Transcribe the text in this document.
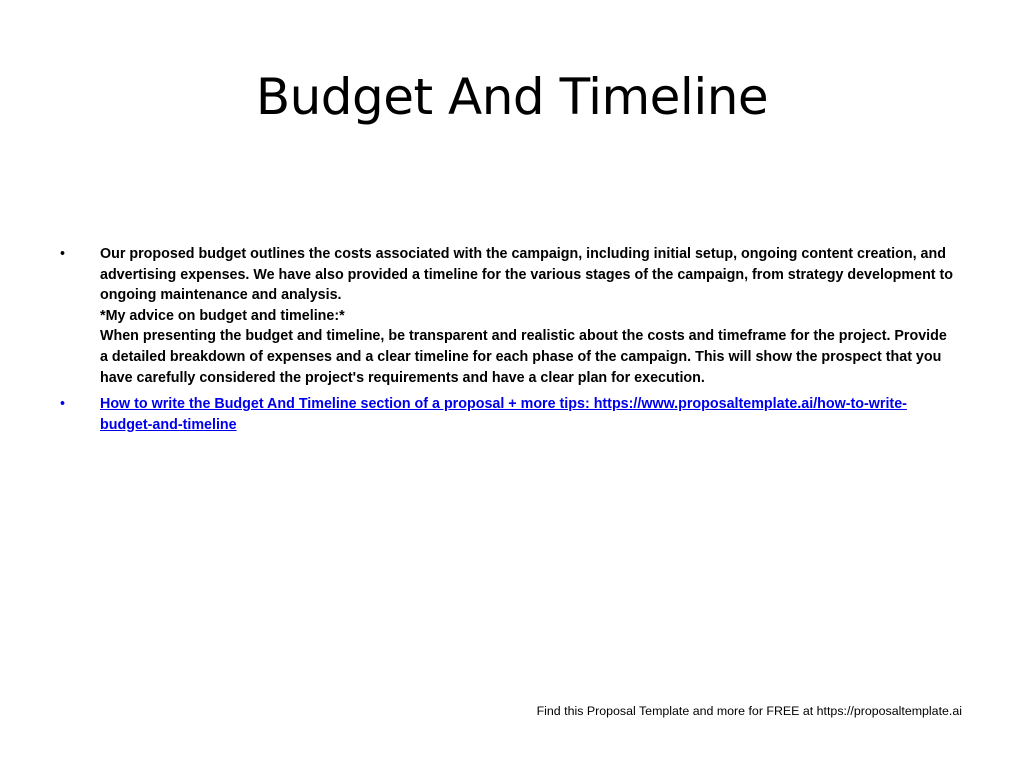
Budget And Timeline
•	Our proposed budget outlines the costs associated with the campaign, including initial setup, ongoing content creation, and advertising expenses. We have also provided a timeline for the various stages of the campaign, from strategy development to ongoing maintenance and analysis.
*My advice on budget and timeline:*
When presenting the budget and timeline, be transparent and realistic about the costs and timeframe for the project. Provide a detailed breakdown of expenses and a clear timeline for each phase of the campaign. This will show the prospect that you have carefully considered the project's requirements and have a clear plan for execution.
•	How to write the Budget And Timeline section of a proposal + more tips: https://www.proposaltemplate.ai/how-to-write-budget-and-timeline
Find this Proposal Template and more for FREE at https://proposaltemplate.ai
